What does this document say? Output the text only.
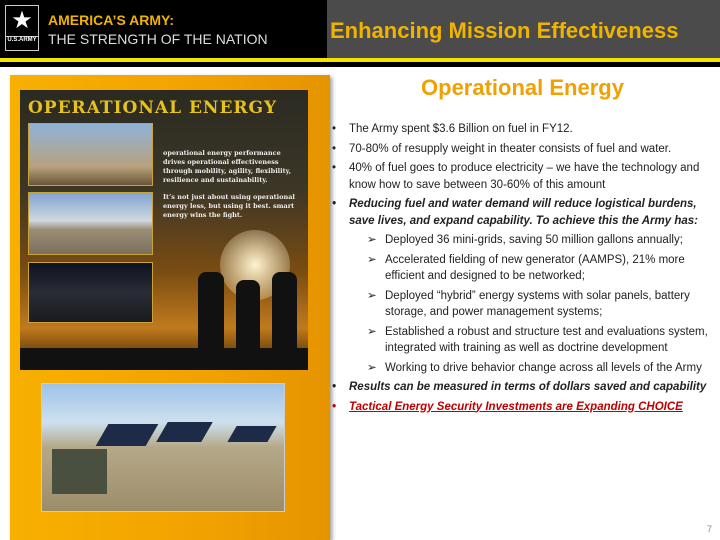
★
U.S.ARMY
AMERICA’S ARMY:
THE STRENGTH OF THE NATION	Enhancing Mission Effectiveness
OPERATIONAL ENERGY
operational energy performance drives operational effectiveness through mobility, agility, flexibility, resilience and sustainability.
It’s not just about using operational energy less, but using it best. smart energy wins the fight.
Operational Energy
• The Army spent $3.6 Billion on fuel in FY12.
• 70-80% of resupply weight in theater consists of fuel and water.
• 40% of fuel goes to produce electricity – we have the technology and know how to save between 30-60% of this amount
• Reducing fuel and water demand will reduce logistical burdens, save lives, and expand capability. To achieve this the Army has:
➢ Deployed 36 mini-grids, saving 50 million gallons annually;
➢ Accelerated fielding of new generator (AAMPS), 21% more efficient and designed to be networked;
➢ Deployed “hybrid” energy systems with solar panels, battery storage, and power management systems;
➢ Established a robust and structure test and evaluations system, integrated with training as well as doctrine development
➢ Working to drive behavior change across all levels of the Army
• Results can be measured in terms of dollars saved and capability
• Tactical Energy Security Investments are Expanding CHOICE
7
